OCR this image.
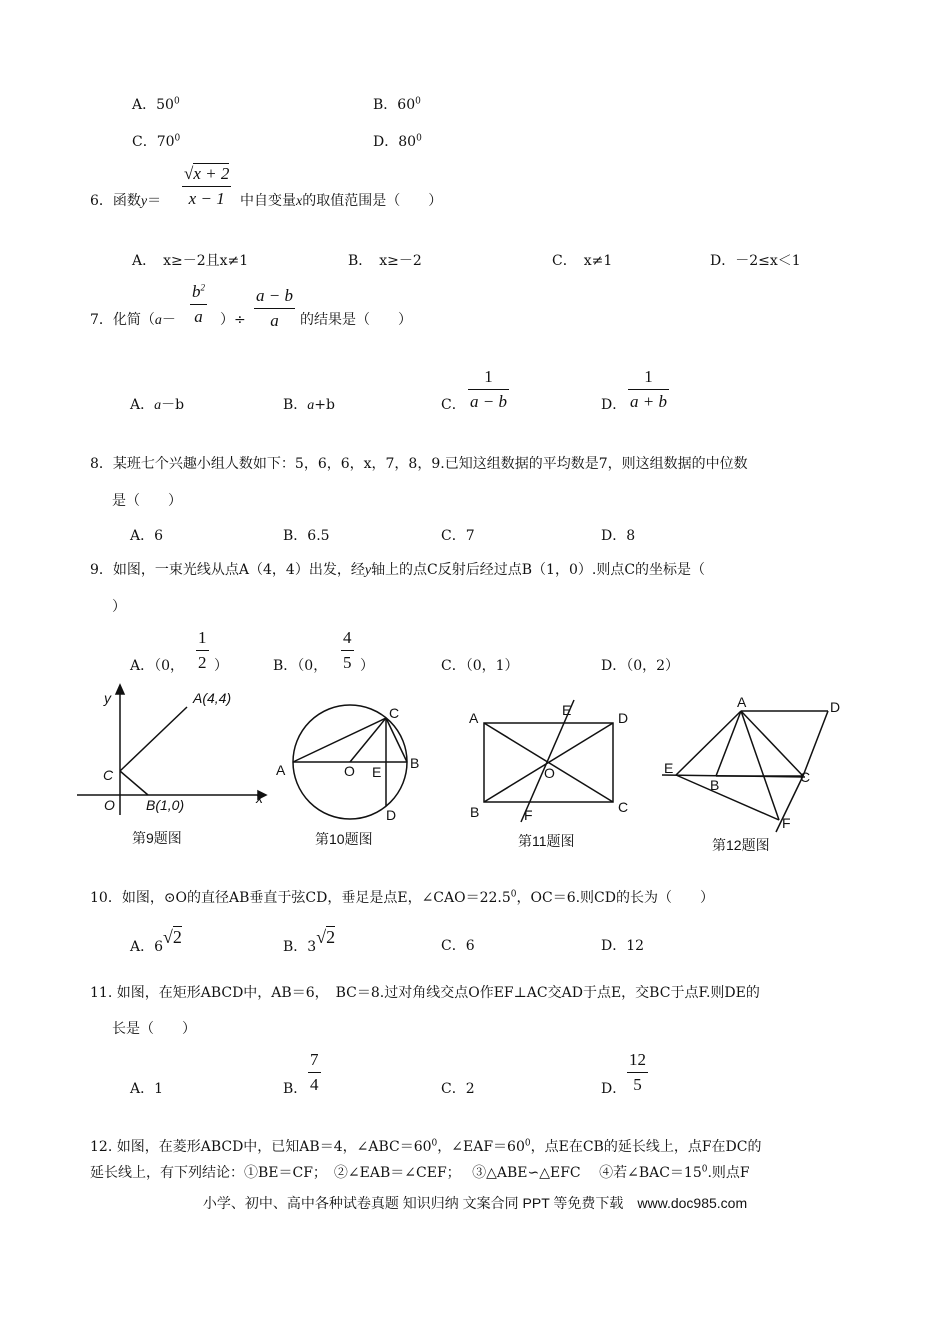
A．$50^0$	B．$60^0$
C．$70^0$	D．$80^0$
6．函数y＝
√x + 2
x − 1	中自变量x的取值范围是（　　）
A．　x≥－2且x≠1	B．　x≥－2	C．　x≠1	D．－2≤x＜1
7．化简（a－
$b^2$
a	）÷
a − b
a	的结果是（　　）
A．a－b	B．a+b	C．
1
a − b	D．
1
a + b
8．某班七个兴趣小组人数如下：5，6，6，x，7，8，9.已知这组数据的平均数是7，则这组数据的中位数
是（　　）
A．6	B．6.5	C．7	D．8
9．如图，一束光线从点A（4，4）出发，经y轴上的点C反射后经过点B（1，0）.则点C的坐标是（
）
A．（0，
1
2 ）	B．（0，
4
5 ）	C．（0，1）	D．（0，2）
y
x
A(4,4)
C
O B(1,0)
第9题图
A	B
C
D
E
O
第10题图
A
B	C
D
E
F
O
第11题图
A
B	C
D
E
F
第12题图
10．如图，⊙O的直径AB垂直于弦CD，垂足是点E，$\angle CAO=22.5^0$，OC＝6.则CD的长为（　　）
A．6√2	B．3√2	C．6	D．12
11. 如图，在矩形ABCD中，AB＝6，　BC＝8.过对角线交点O作EF⊥AC交AD于点E，交BC于点F.则DE的
长是（　　）
A．1	B．
7
4	C．2	D．
12
5
12. 如图，在菱形ABCD中，已知AB＝4，$\angle ABC=60^0$，$\angle EAF=60^0$，点E在CB的延长线上，点F在DC的
延长线上，有下列结论：①BE＝CF；　②∠EAB＝∠CEF；　 ③△ABE∽△EFC　 ④若$\angle BAC=15^0$.则点F
小学、初中、高中各种试卷真题 知识归纳 文案合同 PPT 等免费下载　www.doc985.com
